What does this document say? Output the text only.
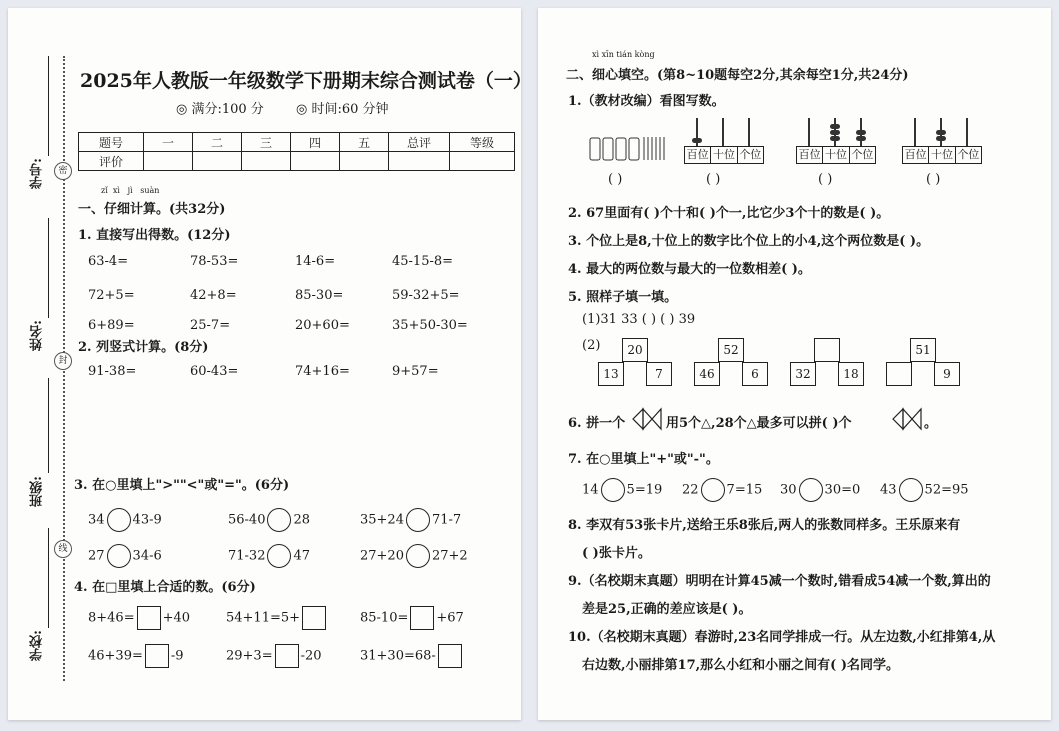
学号:
姓名:
班级:
学校:
密
封
线
2025年人教版一年级数学下册期末综合测试卷（一）
◎ 满分:100 分 ◎ 时间:60 分钟
题号	一	二	三	四	五	总评	等级
评价							
zǐ xì jì suàn
一、仔细计算。(共32分)
1. 直接写出得数。(12分)
2. 列竖式计算。(8分)
91-38=	60-43=	74+16=	9+57=
3. 在○里填上">""<"或"="。(6分)
4. 在□里填上合适的数。(6分)
63-4=	78-53=	14-6=	45-15-8=
72+5=	42+8=	85-30=	59-32+5=
6+89=	25-7=	20+60=	35+50-30=
34 43-9	56-40 28	35+24 71-7
27 34-6	71-32 47	27+20 27+2
8+46= +40	54+11=5+	85-10= +67
46+39= -9	29+3= -20	31+30=68-
xì xīn tián kòng
二、细心填空。(第8~10题每空2分,其余每空1分,共24分)
1.（教材改编）看图写数。
百位 十位 个位	百位 十位 个位	百位 十位 个位
( )	( )	( )	( )
2. 67里面有( )个十和( )个一,比它少3个十的数是( )。
3. 个位上是8,十位上的数字比个位上的小4,这个两位数是( )。
4. 最大的两位数与最大的一位数相差( )。
5. 照样子填一填。
(1)31 33 ( ) ( ) 39
(2)
6. 拼一个	用5个△,28个△最多可以拼( )个	。
7. 在○里填上"+"或"-"。
8. 李双有53张卡片,送给王乐8张后,两人的张数同样多。王乐原来有
( )张卡片。
9.（名校期末真题）明明在计算45减一个数时,错看成54减一个数,算出的
差是25,正确的差应该是( )。
10.（名校期末真题）春游时,23名同学排成一行。从左边数,小红排第4,从
右边数,小丽排第17,那么小红和小丽之间有( )名同学。
20
13	7
52
46	6	32	18
51
9
14 5=19 22 7=15 30 30=0 43 52=95
